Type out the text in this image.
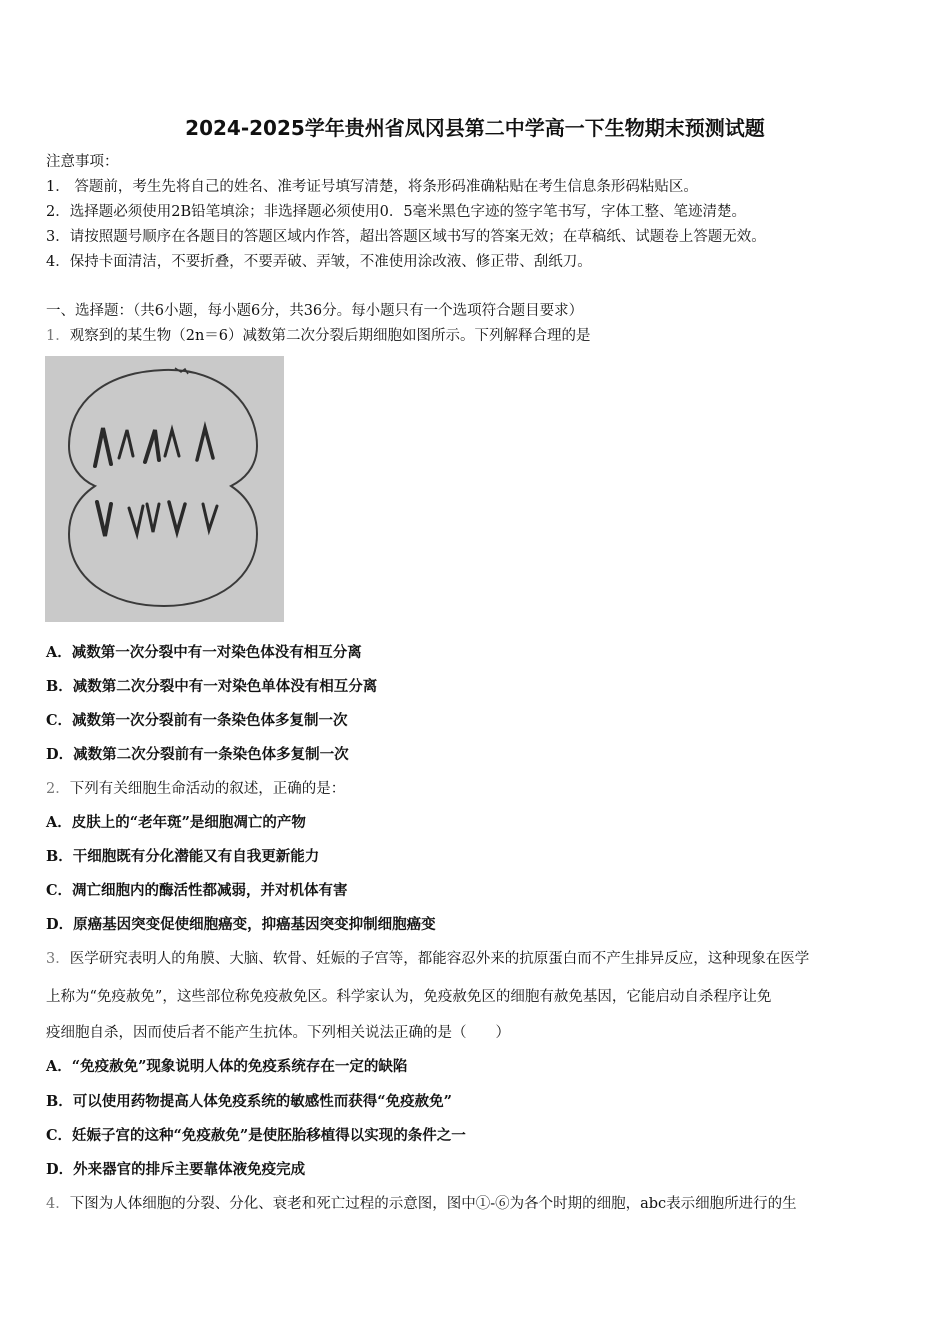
2024-2025学年贵州省凤冈县第二中学高一下生物期末预测试题
注意事项：
1． 答题前，考生先将自己的姓名、准考证号填写清楚，将条形码准确粘贴在考生信息条形码粘贴区。
2．选择题必须使用2B铅笔填涂；非选择题必须使用0．5毫米黑色字迹的签字笔书写，字体工整、笔迹清楚。
3．请按照题号顺序在各题目的答题区域内作答，超出答题区域书写的答案无效；在草稿纸、试题卷上答题无效。
4．保持卡面清洁，不要折叠，不要弄破、弄皱，不准使用涂改液、修正带、刮纸刀。
一、选择题：（共6小题，每小题6分，共36分。每小题只有一个选项符合题目要求）
1．观察到的某生物（2n＝6）减数第二次分裂后期细胞如图所示。下列解释合理的是
A．减数第一次分裂中有一对染色体没有相互分离
B．减数第二次分裂中有一对染色单体没有相互分离
C．减数第一次分裂前有一条染色体多复制一次
D．减数第二次分裂前有一条染色体多复制一次
2．下列有关细胞生命活动的叙述，正确的是：
A．皮肤上的“老年斑”是细胞凋亡的产物
B．干细胞既有分化潜能又有自我更新能力
C．凋亡细胞内的酶活性都减弱，并对机体有害
D．原癌基因突变促使细胞癌变，抑癌基因突变抑制细胞癌变
3．医学研究表明人的角膜、大脑、软骨、妊娠的子宫等，都能容忍外来的抗原蛋白而不产生排异反应，这种现象在医学
上称为“免疫赦免”，这些部位称免疫赦免区。科学家认为，免疫赦免区的细胞有赦免基因，它能启动自杀程序让免
疫细胞自杀，因而使后者不能产生抗体。下列相关说法正确的是（　　）
A．“免疫赦免”现象说明人体的免疫系统存在一定的缺陷
B．可以使用药物提高人体免疫系统的敏感性而获得“免疫赦免”
C．妊娠子宫的这种“免疫赦免”是使胚胎移植得以实现的条件之一
D．外来器官的排斥主要靠体液免疫完成
4．下图为人体细胞的分裂、分化、衰老和死亡过程的示意图，图中①-⑥为各个时期的细胞，abc表示细胞所进行的生
